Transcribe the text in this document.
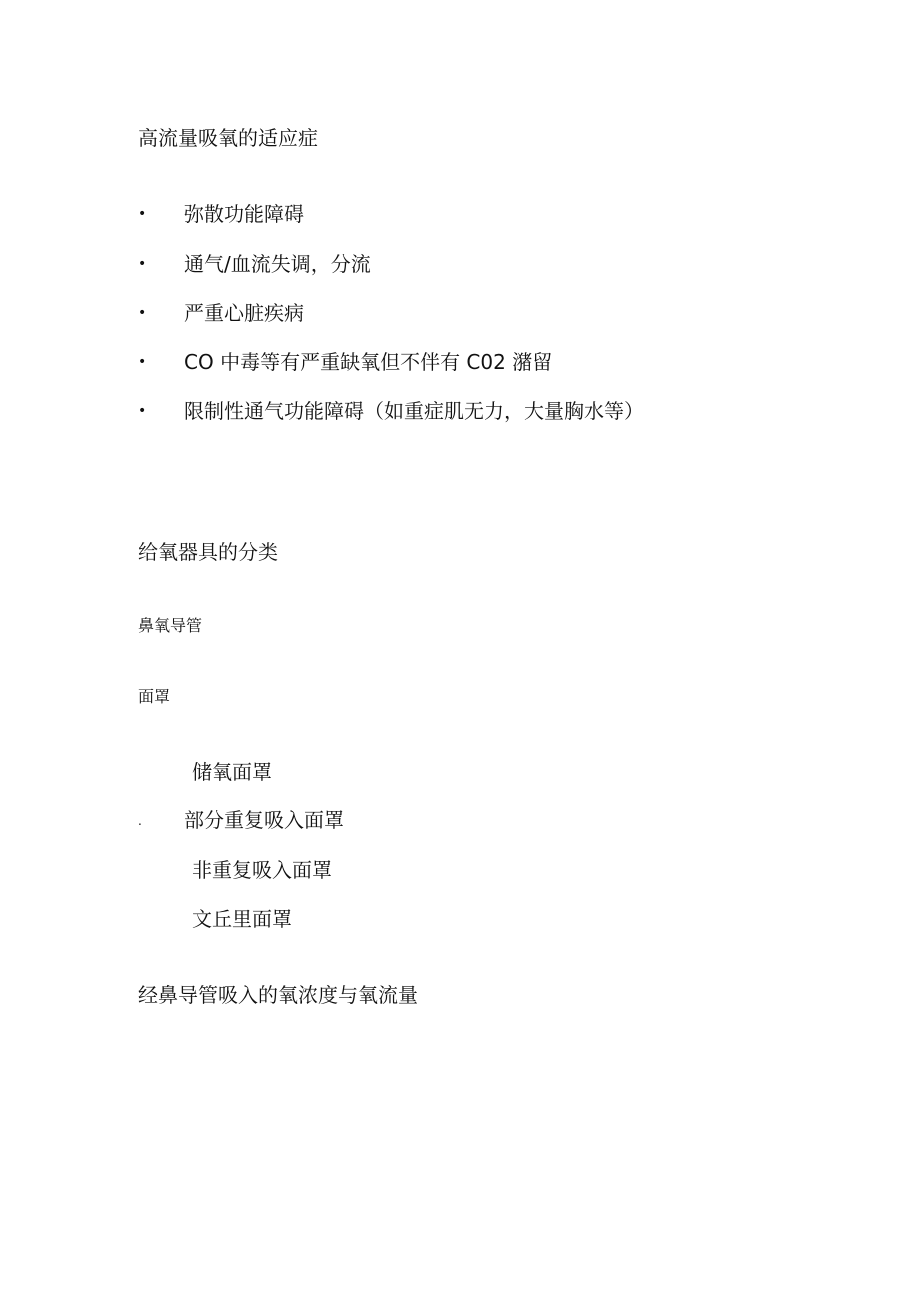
高流量吸氧的适应症
• 弥散功能障碍
• 通气/血流失调，分流
• 严重心脏疾病
• CO 中毒等有严重缺氧但不伴有 C02 潴留
• 限制性通气功能障碍（如重症肌无力，大量胸水等）
给氧器具的分类
鼻氧导管
面罩
储氧面罩
. 部分重复吸入面罩
非重复吸入面罩
文丘里面罩
经鼻导管吸入的氧浓度与氧流量
